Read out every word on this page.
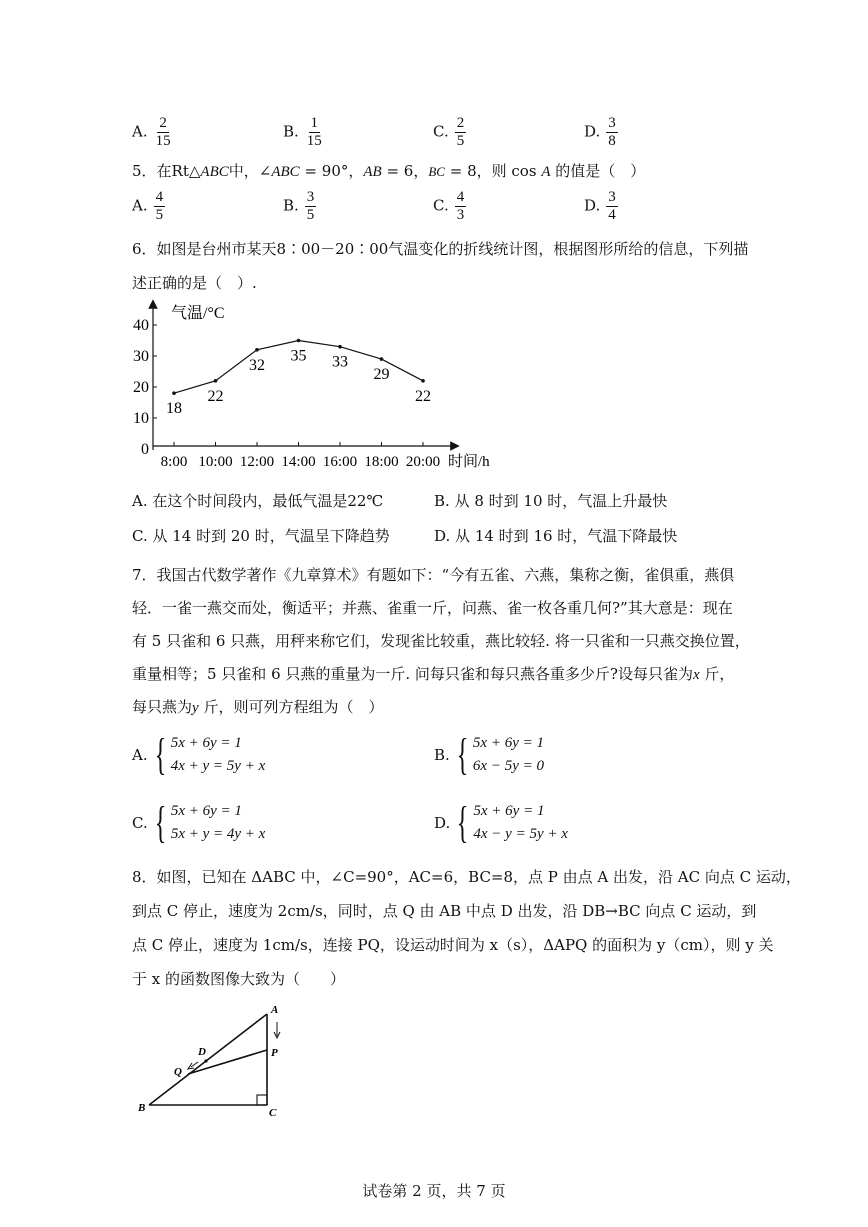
A. $\frac{2}{15}$	B. $\frac{1}{15}$	C. $\frac{2}{5}$	D. $\frac{3}{8}$
5．在Rt△ABC中，∠ABC = 90°，AB = 6，BC = 8，则 cos A 的值是（　）
A. $\frac{4}{5}$	B. $\frac{3}{5}$	C. $\frac{4}{3}$	D. $\frac{3}{4}$
6．如图是台州市某天8∶00－20∶00气温变化的折线统计图，根据图形所给的信息，下列描
述正确的是（　）.
气温/°C
时间/h
0
10
20
30
40
8:00 10:00 12:00 14:00 16:00 18:00 20:00
18
22
32
35 33
29
22
A. 在这个时间段内，最低气温是22℃	B. 从 8 时到 10 时，气温上升最快
C. 从 14 时到 20 时，气温呈下降趋势	D. 从 14 时到 16 时，气温下降最快
7．我国古代数学著作《九章算术》有题如下：“今有五雀、六燕，集称之衡，雀俱重，燕俱
轻．一雀一燕交而处，衡适平；并燕、雀重一斤，问燕、雀一枚各重几何?”其大意是：现在
有 5 只雀和 6 只燕，用秤来称它们，发现雀比较重，燕比较轻. 将一只雀和一只燕交换位置，
重量相等；5 只雀和 6 只燕的重量为一斤. 问每只雀和每只燕各重多少斤?设每只雀为x 斤，
每只燕为y 斤，则可列方程组为（　）
A. { 5x + 6y = 1
4x + y = 5y + x
B. { 5x + 6y = 1
6x − 5y = 0
C. { 5x + 6y = 1
5x + y = 4y + x
D. { 5x + 6y = 1
4x − y = 5y + x
8．如图，已知在 ΔABC 中，∠C=90°，AC=6，BC=8，点 P 由点 A 出发，沿 AC 向点 C 运动，
到点 C 停止，速度为 2cm/s，同时，点 Q 由 AB 中点 D 出发，沿 DB→BC 向点 C 运动，到
点 C 停止，速度为 1cm/s，连接 PQ，设运动时间为 x（s），ΔAPQ 的面积为 y（cm），则 y 关
于 x 的函数图像大致为（　　）
A
P
C
B
D
Q
试卷第 2 页，共 7 页
